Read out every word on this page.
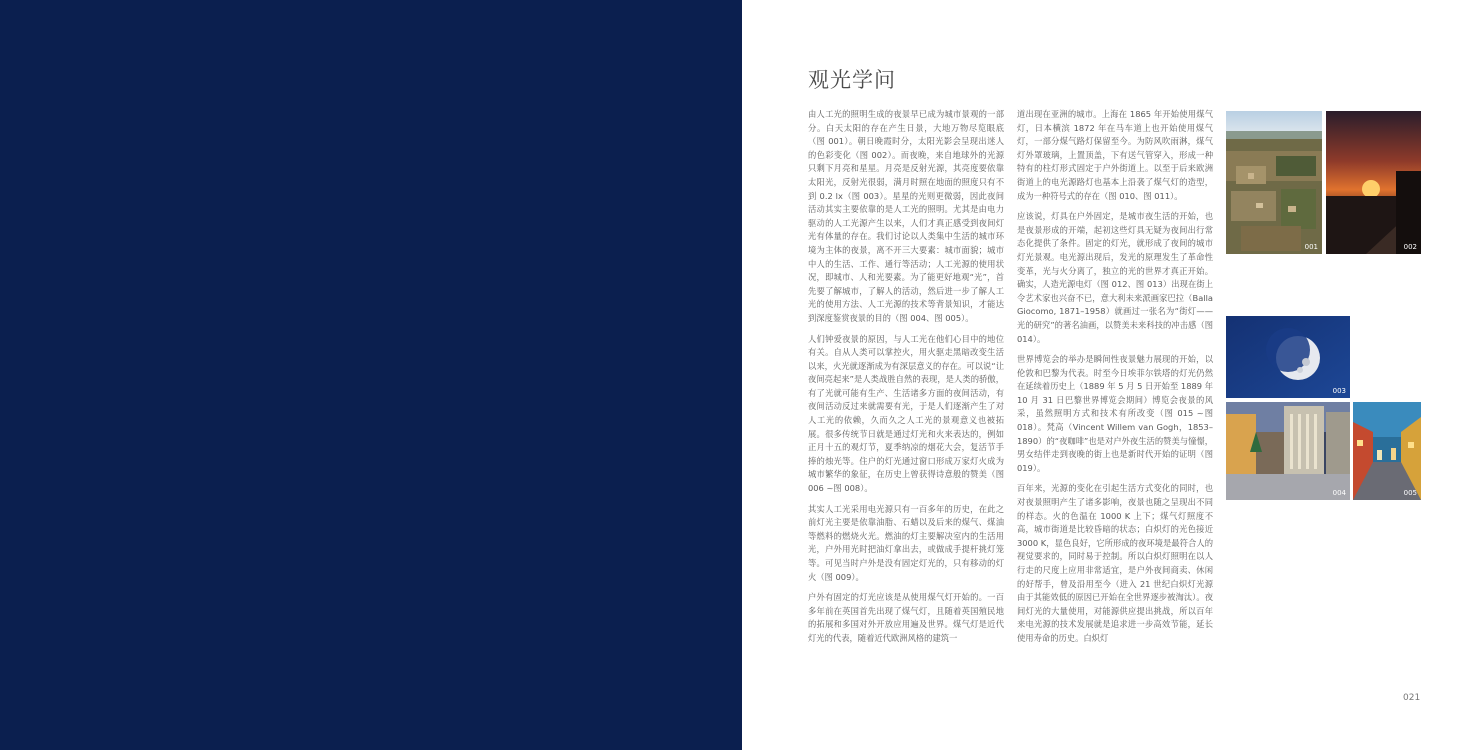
观光学问

由人工光的照明生成的夜景早已成为城市景观的一部分。白天太阳的存在产生日景，大地万物尽览眼底（图 001）。朝日晚霞时分，太阳光影会呈现出迷人的色彩变化（图 002）。而夜晚，来自地球外的光源只剩下月亮和星星。月亮是反射光源，其亮度要依靠太阳光，反射光很弱，满月时照在地面的照度只有不到 0.2 lx（图 003）。星星的光则更微弱，因此夜间活动其实主要依靠的是人工光的照明。尤其是由电力驱动的人工光源产生以来，人们才真正感受到夜间灯光有体量的存在。我们讨论以人类集中生活的城市环境为主体的夜景，离不开三大要素：城市面貌；城市中人的生活、工作、通行等活动；人工光源的使用状况，即城市、人和光要素。为了能更好地观“光”，首先要了解城市，了解人的活动，然后进一步了解人工光的使用方法、人工光源的技术等背景知识，才能达到深度鉴赏夜景的目的（图 004、图 005）。

人们钟爱夜景的原因，与人工光在他们心目中的地位有关。自从人类可以掌控火，用火驱走黑暗改变生活以来，火光就逐渐成为有深层意义的存在。可以说“让夜间亮起来”是人类战胜自然的表现，是人类的骄傲，有了光就可能有生产、生活诸多方面的夜间活动，有夜间活动反过来就需要有光，于是人们逐渐产生了对人工光的依赖，久而久之人工光的景观意义也被拓展。很多传统节日就是通过灯光和火来表达的，例如正月十五的观灯节，夏季纳凉的烟花大会，复活节手捧的烛光等。住户的灯光通过窗口形成万家灯火成为城市繁华的象征，在历史上曾获得诗意般的赞美（图 006 ~图 008）。

其实人工光采用电光源只有一百多年的历史，在此之前灯光主要是依靠油脂、石蜡以及后来的煤气、煤油等燃料的燃烧火光。燃油的灯主要解决室内的生活用光，户外用光时把油灯拿出去，或做成手提杆挑灯笼等。可见当时户外是没有固定灯光的，只有移动的灯火（图 009）。

户外有固定的灯光应该是从使用煤气灯开始的。一百多年前在英国首先出现了煤气灯，且随着英国殖民地的拓展和多国对外开放应用遍及世界。煤气灯是近代灯光的代表，随着近代欧洲风格的建筑一

道出现在亚洲的城市。上海在 1865 年开始使用煤气灯，日本横滨 1872 年在马车道上也开始使用煤气灯，一部分煤气路灯保留至今。为防风吹雨淋，煤气灯外罩玻璃，上置顶盖，下有送气管穿入，形成一种特有的柱灯形式固定于户外街道上。以至于后来欧洲街道上的电光源路灯也基本上沿袭了煤气灯的造型，成为一种符号式的存在（图 010、图 011）。

应该说，灯具在户外固定，是城市夜生活的开始，也是夜景形成的开端，起初这些灯具无疑为夜间出行常态化提供了条件。固定的灯光，就形成了夜间的城市灯光景观。电光源出现后，发光的原理发生了革命性变革，光与火分离了，独立的光的世界才真正开始。确实，人造光源电灯（图 012、图 013）出现在街上令艺术家也兴奋不已，意大利未来派画家巴拉（Balla Giocomo, 1871–1958）就画过一张名为“街灯——光的研究”的著名油画，以赞美未来科技的冲击感（图 014）。

世界博览会的举办是瞬间性夜景魅力展现的开始，以伦敦和巴黎为代表。时至今日埃菲尔铁塔的灯光仍然在延续着历史上（1889 年 5 月 5 日开始至 1889 年 10 月 31 日巴黎世界博览会期间）博览会夜景的风采，虽然照明方式和技术有所改变（图 015 ~图 018）。梵高（Vincent Willem van Gogh，1853–1890）的“夜咖啡”也是对户外夜生活的赞美与憧憬，男女结伴走到夜晚的街上也是新时代开始的证明（图 019）。

百年来，光源的变化在引起生活方式变化的同时，也对夜景照明产生了诸多影响，夜景也随之呈现出不同的样态。火的色温在 1000 K 上下；煤气灯照度不高，城市街道是比较昏暗的状态；白炽灯的光色接近 3000 K，显色良好，它所形成的夜环境是最符合人的视觉要求的，同时易于控制。所以白炽灯照明在以人行走的尺度上应用非常适宜，是户外夜间商卖、休闲的好帮手，曾及沿用至今（进入 21 世纪白炽灯光源由于其能效低的原因已开始在全世界逐步被淘汰）。夜间灯光的大量使用，对能源供应提出挑战，所以百年来电光源的技术发展就是追求进一步高效节能，延长使用寿命的历史。白炽灯

001	002
003
004	005
021
